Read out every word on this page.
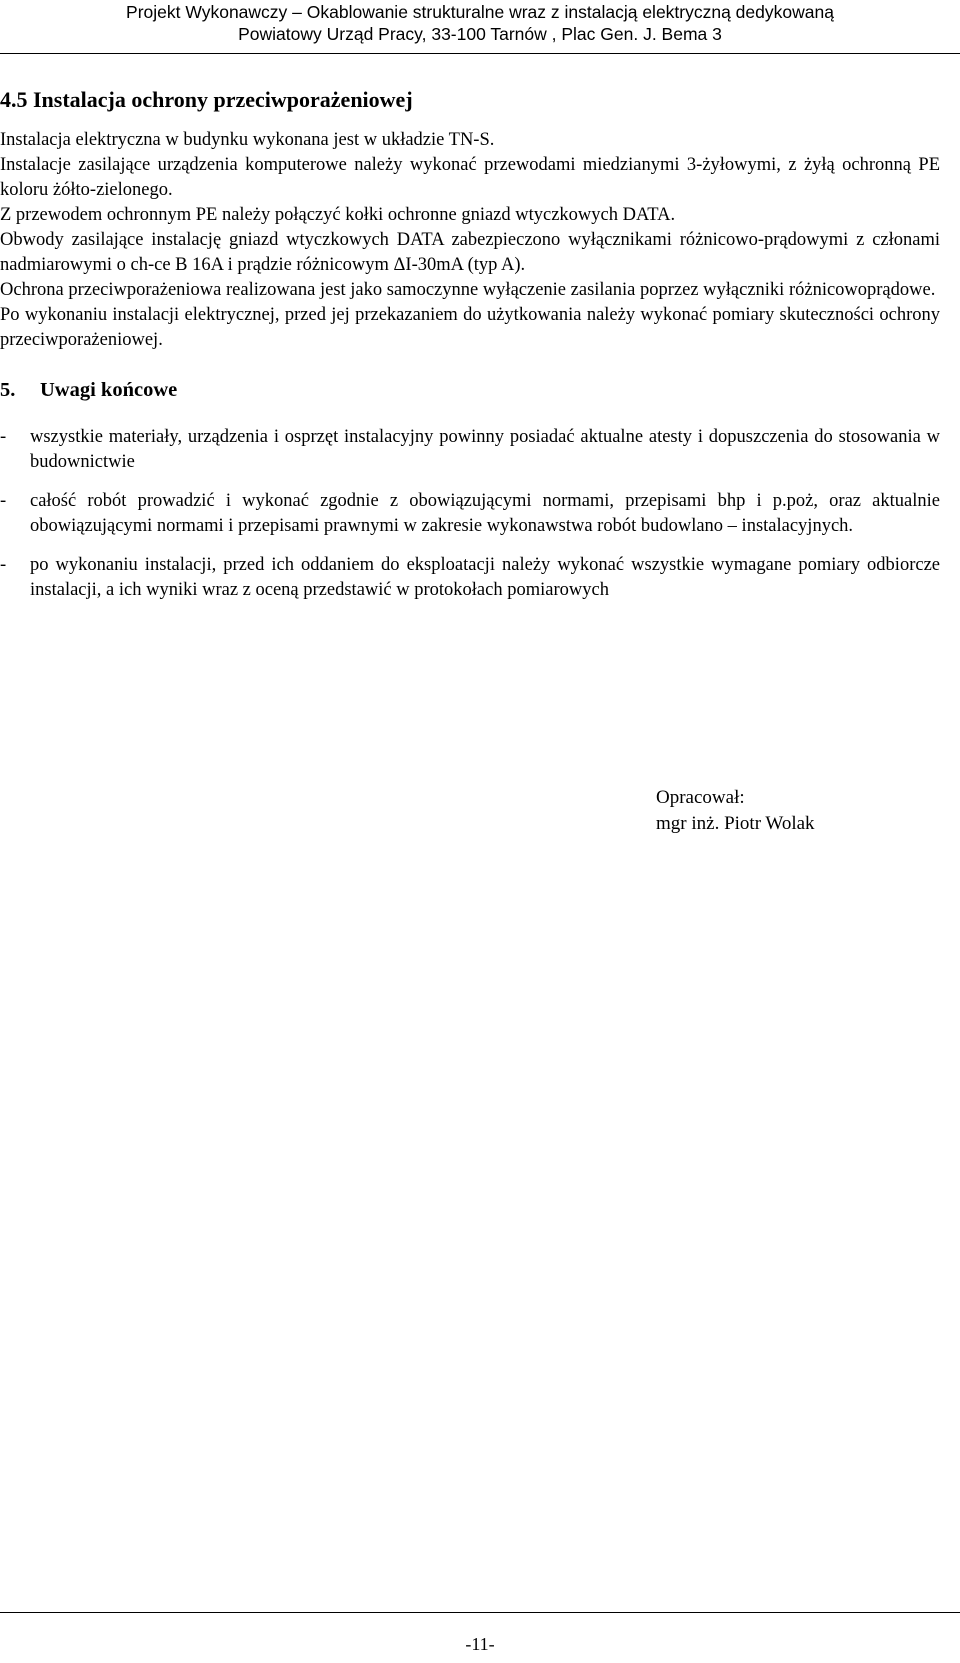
Projekt Wykonawczy – Okablowanie strukturalne wraz z instalacją elektryczną dedykowaną
Powiatowy Urząd Pracy, 33-100 Tarnów , Plac Gen. J. Bema 3
4.5 Instalacja ochrony przeciwporażeniowej

Instalacja elektryczna w budynku wykonana jest w układzie TN-S.

Instalacje zasilające urządzenia komputerowe należy wykonać przewodami miedzianymi 3-żyłowymi, z żyłą ochronną PE koloru żółto-zielonego.

Z przewodem ochronnym PE należy połączyć kołki ochronne gniazd wtyczkowych DATA.

Obwody zasilające instalację gniazd wtyczkowych DATA zabezpieczono wyłącznikami różnicowo-prądowymi z członami nadmiarowymi o ch-ce B 16A i prądzie różnicowym ΔI-30mA (typ A).

Ochrona przeciwporażeniowa realizowana jest jako samoczynne wyłączenie zasilania poprzez wyłączniki różnicowoprądowe.

Po wykonaniu instalacji elektrycznej, przed jej przekazaniem do użytkowania należy wykonać pomiary skuteczności ochrony przeciwporażeniowej.

5.	Uwagi końcowe
-	wszystkie materiały, urządzenia i osprzęt instalacyjny powinny posiadać aktualne atesty i dopuszczenia do stosowania w budownictwie
-	całość robót prowadzić i wykonać zgodnie z obowiązującymi normami, przepisami bhp i p.poż, oraz aktualnie obowiązującymi normami i przepisami prawnymi w zakresie wykonawstwa robót budowlano – instalacyjnych.
-	po wykonaniu instalacji, przed ich oddaniem do eksploatacji należy wykonać wszystkie wymagane pomiary odbiorcze instalacji, a ich wyniki wraz z oceną przedstawić w protokołach pomiarowych
Opracował:
mgr inż. Piotr Wolak
-11-
